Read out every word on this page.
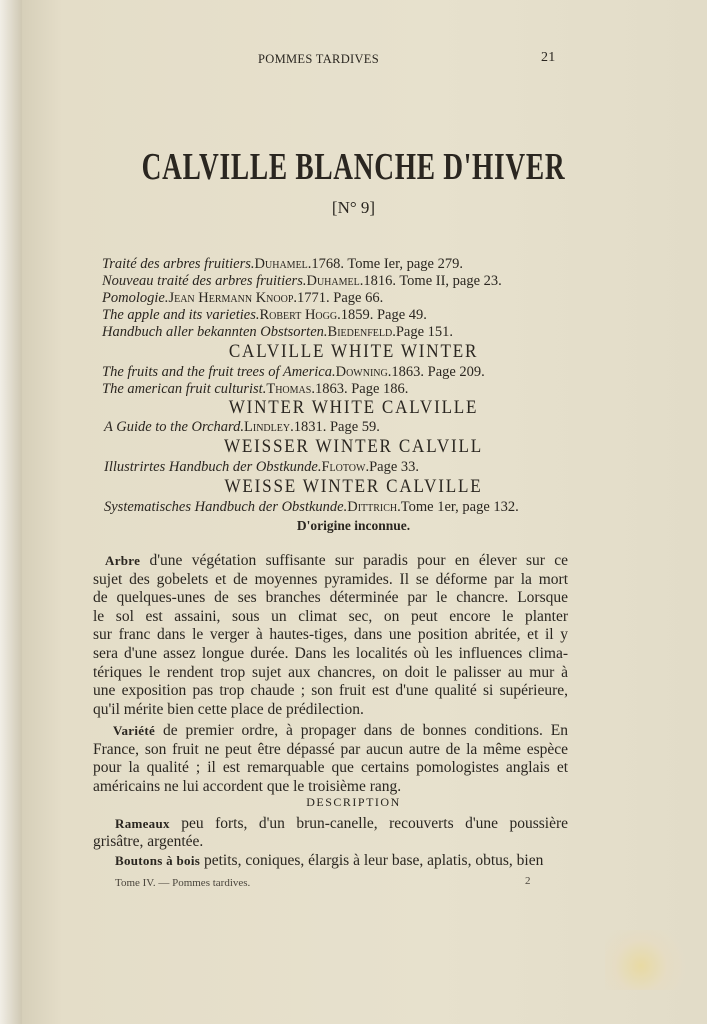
POMMES TARDIVES	21
CALVILLE BLANCHE D'HIVER
[N° 9]
Traité des arbres fruitiers.Duhamel.1768. Tome Ier, page 279.
Nouveau traité des arbres fruitiers.Duhamel.1816. Tome II, page 23.
Pomologie.Jean Hermann Knoop.1771. Page 66.
The apple and its varieties.Robert Hogg.1859. Page 49.
Handbuch aller bekannten Obstsorten.Biedenfeld.Page 151.
The fruits and the fruit trees of America.Downing.1863. Page 209.
The american fruit culturist.Thomas.1863. Page 186.
A Guide to the Orchard.Lindley.1831. Page 59.
Illustrirtes Handbuch der Obstkunde.Flotow.Page 33.
Systematisches Handbuch der Obstkunde.Dittrich.Tome 1er, page 132.
CALVILLE WHITE WINTER
WINTER WHITE CALVILLE
WEISSER WINTER CALVILL
WEISSE WINTER CALVILLE
D'origine inconnue.
Arbre d'une végétation suffisante sur paradis pour en élever sur ce
sujet des gobelets et de moyennes pyramides. Il se déforme par la mort
de quelques-unes de ses branches déterminée par le chancre. Lorsque
le sol est assaini, sous un climat sec, on peut encore le planter
sur franc dans le verger à hautes-tiges, dans une position abritée, et il y
sera d'une assez longue durée. Dans les localités où les influences clima-
tériques le rendent trop sujet aux chancres, on doit le palisser au mur à
une exposition pas trop chaude ; son fruit est d'une qualité si supérieure,
qu'il mérite bien cette place de prédilection.
Variété de premier ordre, à propager dans de bonnes conditions. En
France, son fruit ne peut être dépassé par aucun autre de la même espèce
pour la qualité ; il est remarquable que certains pomologistes anglais et
américains ne lui accordent que le troisième rang.
Rameaux peu forts, d'un brun-canelle, recouverts d'une poussière
grisâtre, argentée.
Boutons à bois petits, coniques, élargis à leur base, aplatis, obtus, bien
DESCRIPTION
Tome IV. — Pommes tardives.	2
